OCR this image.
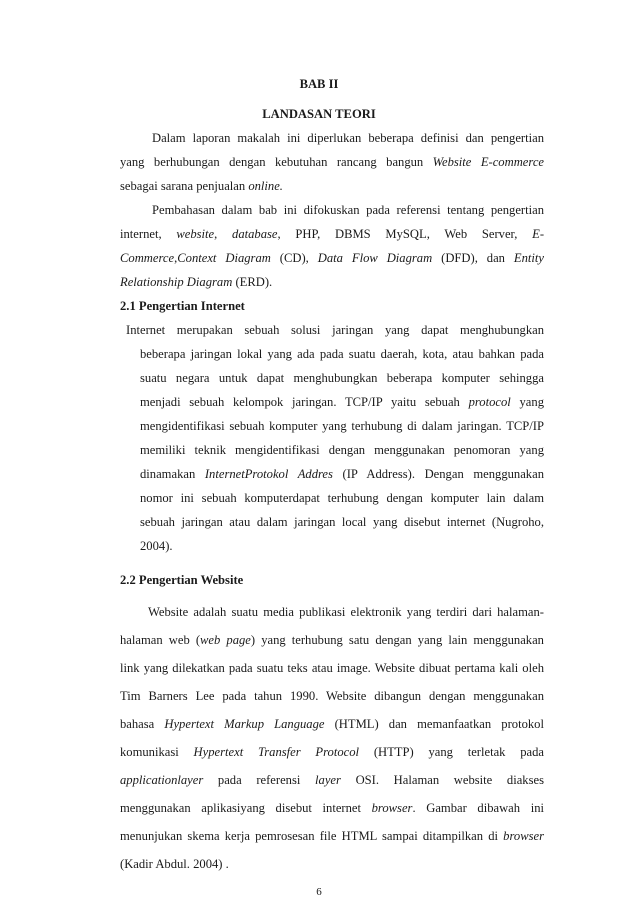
BAB II
LANDASAN TEORI
Dalam laporan makalah ini diperlukan beberapa definisi dan pengertian
yang berhubungan dengan kebutuhan rancang bangun Website E-commerce
sebagai sarana penjualan online.
Pembahasan dalam bab ini difokuskan pada referensi tentang pengertian
internet, website, database, PHP, DBMS MySQL, Web Server, E-
Commerce,Context Diagram (CD), Data Flow Diagram (DFD), dan Entity
Relationship Diagram (ERD).
2.1 Pengertian Internet
Internet merupakan sebuah solusi jaringan yang dapat menghubungkan
beberapa jaringan lokal yang ada pada suatu daerah, kota, atau bahkan pada
suatu negara untuk dapat menghubungkan beberapa komputer sehingga
menjadi sebuah kelompok jaringan. TCP/IP yaitu sebuah protocol yang
mengidentifikasi sebuah komputer yang terhubung di dalam jaringan. TCP/IP
memiliki teknik mengidentifikasi dengan menggunakan penomoran yang
dinamakan InternetProtokol Addres (IP Address). Dengan menggunakan
nomor ini sebuah komputerdapat terhubung dengan komputer lain dalam
sebuah jaringan atau dalam jaringan local yang disebut internet (Nugroho,
2004).
2.2 Pengertian Website
Website adalah suatu media publikasi elektronik yang terdiri dari halaman-
halaman web (web page) yang terhubung satu dengan yang lain menggunakan
link yang dilekatkan pada suatu teks atau image. Website dibuat pertama kali oleh
Tim Barners Lee pada tahun 1990. Website dibangun dengan menggunakan
bahasa Hypertext Markup Language (HTML) dan memanfaatkan protokol
komunikasi Hypertext Transfer Protocol (HTTP) yang terletak pada
applicationlayer pada referensi layer OSI. Halaman website diakses
6
menggunakan aplikasiyang disebut internet browser. Gambar dibawah ini
menunjukan skema kerja pemrosesan file HTML sampai ditampilkan di browser
(Kadir Abdul. 2004) .
